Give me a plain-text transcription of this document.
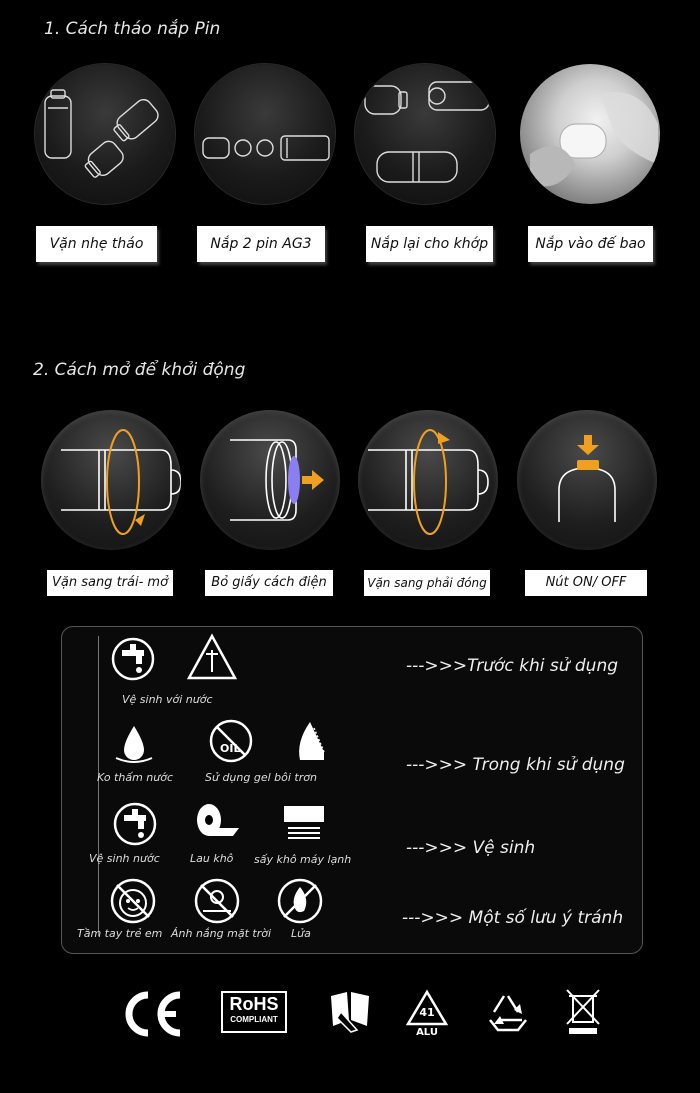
1. Cách tháo nắp Pin
Vặn nhẹ tháo	Nắp 2 pin AG3	Nắp lại cho khớp	Nắp vào đế bao
2. Cách mở để khởi động
Vặn sang trái- mở	Bỏ giấy cách điện	Vặn sang phải đóng	Nút ON/ OFF
Vệ sinh với nước
--->>>Trước khi sử dụng
OIL
Ko thấm nước	Sử dụng gel bôi trơn
--->>> Trong khi sử dụng
Vệ sinh nước	Lau khô sấy khô máy lạnh
--->>> Vệ sinh
Tầm tay trẻ em Ánh nắng mặt trời Lửa
--->>> Một số lưu ý tránh
RoHS
COMPLIANT
41
ALU
